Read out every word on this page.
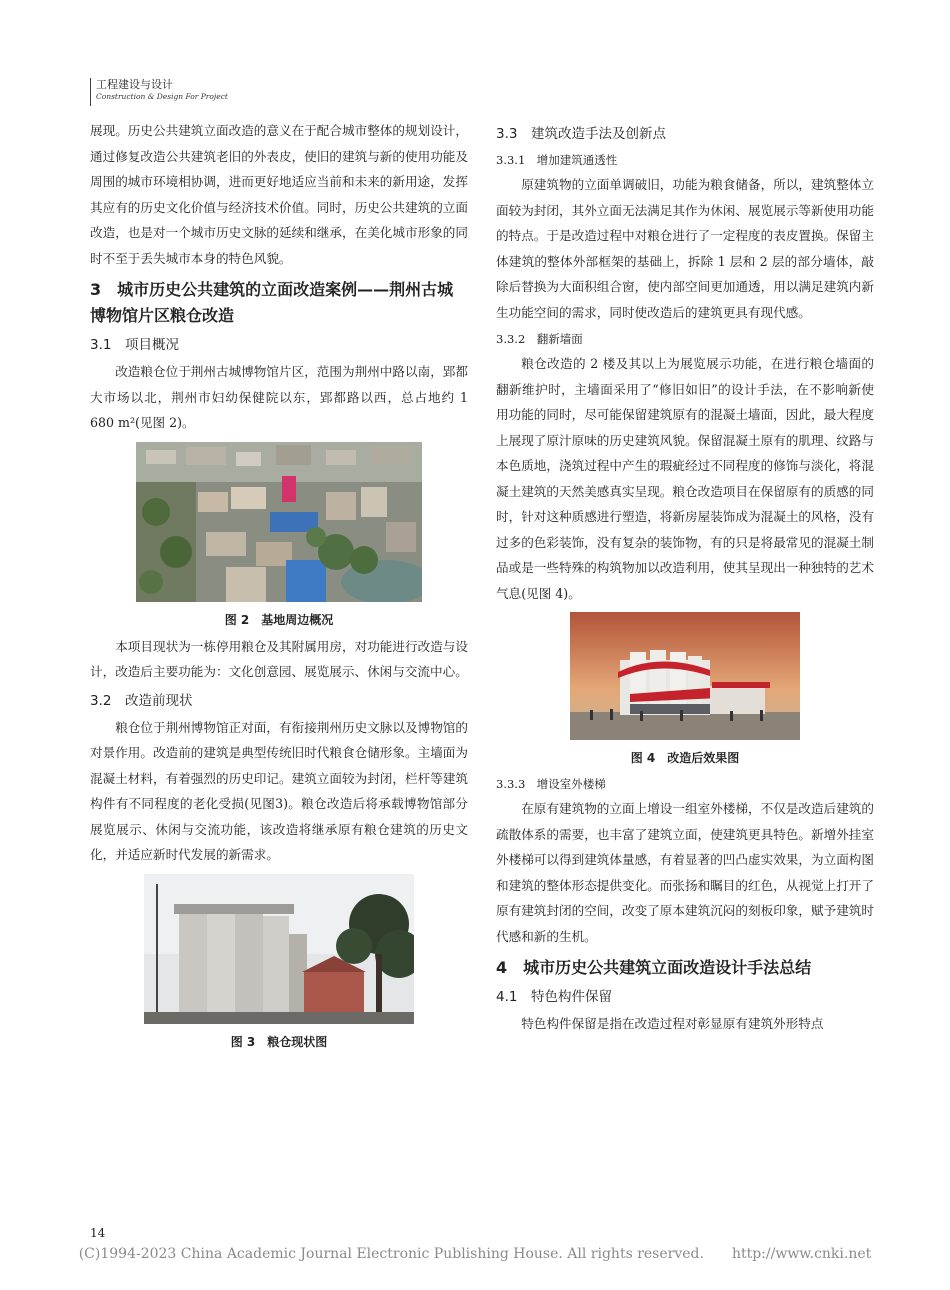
工程建设与设计
Construction & Design For Project

展现。历史公共建筑立面改造的意义在于配合城市整体的规划设计，通过修复改造公共建筑老旧的外表皮，使旧的建筑与新的使用功能及周围的城市环境相协调，进而更好地适应当前和未来的新用途，发挥其应有的历史文化价值与经济技术价值。同时，历史公共建筑的立面改造，也是对一个城市历史文脉的延续和继承，在美化城市形象的同时不至于丢失城市本身的特色风貌。

3　城市历史公共建筑的立面改造案例——荆州古城博物馆片区粮仓改造
3.1　项目概况

改造粮仓位于荆州古城博物馆片区，范围为荆州中路以南，郢都大市场以北，荆州市妇幼保健院以东，郢都路以西，总占地约 1 680 m²(见图 2)。

图 2　基地周边概况

本项目现状为一栋停用粮仓及其附属用房，对功能进行改造与设计，改造后主要功能为：文化创意园、展览展示、休闲与交流中心。

3.2　改造前现状

粮仓位于荆州博物馆正对面，有衔接荆州历史文脉以及博物馆的对景作用。改造前的建筑是典型传统旧时代粮食仓储形象。主墙面为混凝土材料，有着强烈的历史印记。建筑立面较为封闭，栏杆等建筑构件有不同程度的老化受损(见图3)。粮仓改造后将承载博物馆部分展览展示、休闲与交流功能，该改造将继承原有粮仓建筑的历史文化，并适应新时代发展的新需求。

图 3　粮仓现状图
3.3　建筑改造手法及创新点
3.3.1　增加建筑通透性

原建筑物的立面单调破旧，功能为粮食储备，所以，建筑整体立面较为封闭，其外立面无法满足其作为休闲、展览展示等新使用功能的特点。于是改造过程中对粮仓进行了一定程度的表皮置换。保留主体建筑的整体外部框架的基础上，拆除 1 层和 2 层的部分墙体，敲除后替换为大面积组合窗，使内部空间更加通透，用以满足建筑内新生功能空间的需求，同时使改造后的建筑更具有现代感。

3.3.2　翻新墙面

粮仓改造的 2 楼及其以上为展览展示功能，在进行粮仓墙面的翻新维护时，主墙面采用了“修旧如旧”的设计手法，在不影响新使用功能的同时，尽可能保留建筑原有的混凝土墙面，因此，最大程度上展现了原汁原味的历史建筑风貌。保留混凝土原有的肌理、纹路与本色质地，浇筑过程中产生的瑕疵经过不同程度的修饰与淡化，将混凝土建筑的天然美感真实呈现。粮仓改造项目在保留原有的质感的同时，针对这种质感进行塑造，将新房屋装饰成为混凝土的风格，没有过多的色彩装饰，没有复杂的装饰物，有的只是将最常见的混凝土制品或是一些特殊的构筑物加以改造利用，使其呈现出一种独特的艺术气息(见图 4)。

图 4　改造后效果图
3.3.3　增设室外楼梯

在原有建筑物的立面上增设一组室外楼梯，不仅是改造后建筑的疏散体系的需要，也丰富了建筑立面，使建筑更具特色。新增外挂室外楼梯可以得到建筑体量感，有着显著的凹凸虚实效果，为立面构图和建筑的整体形态提供变化。而张扬和瞩目的红色，从视觉上打开了原有建筑封闭的空间，改变了原本建筑沉闷的刻板印象，赋予建筑时代感和新的生机。

4　城市历史公共建筑立面改造设计手法总结
4.1　特色构件保留

特色构件保留是指在改造过程对彰显原有建筑外形特点

14
(C)1994-2023 China Academic Journal Electronic Publishing House. All rights reserved.　　http://www.cnki.net
